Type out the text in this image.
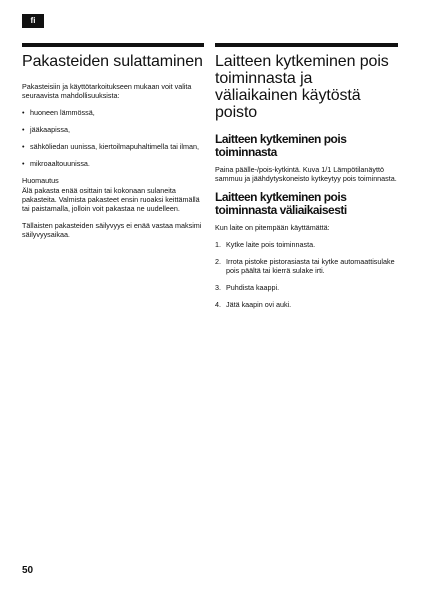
fi
Pakasteiden sulattaminen

Pakasteisiin ja käyttötarkoitukseen mukaan voit valita seuraavista mahdollisuuksista:

• huoneen lämmössä,
• jääkaapissa,
• sähköliedan uunissa, kiertoilmapuhaltimella tai ilman,
• mikroaaltouunissa.
Huomautus

Älä pakasta enää osittain tai kokonaan sulaneita pakasteita. Valmista pakasteet ensin ruoaksi keittämällä tai paistamalla, jolloin voit pakastaa ne uudelleen.

Tällaisten pakasteiden säilyvyys ei enää vastaa maksimi säilyvyysaikaa.

Laitteen kytkeminen pois toiminnasta ja väliaikainen käytöstä poisto
Laitteen kytkeminen pois toiminnasta

Paina päälle-/pois-kytkintä. Kuva 1/1 Lämpötilanäyttö sammuu ja jäähdytyskoneisto kytkeytyy pois toiminnasta.

Laitteen kytkeminen pois toiminnasta väliaikaisesti

Kun laite on pitempään käyttämättä:

1. Kytke laite pois toiminnasta.
2. Irrota pistoke pistorasiasta tai kytke automaattisulake pois päältä tai kierrä sulake irti.
3. Puhdista kaappi.
4. Jätä kaapin ovi auki.
50
